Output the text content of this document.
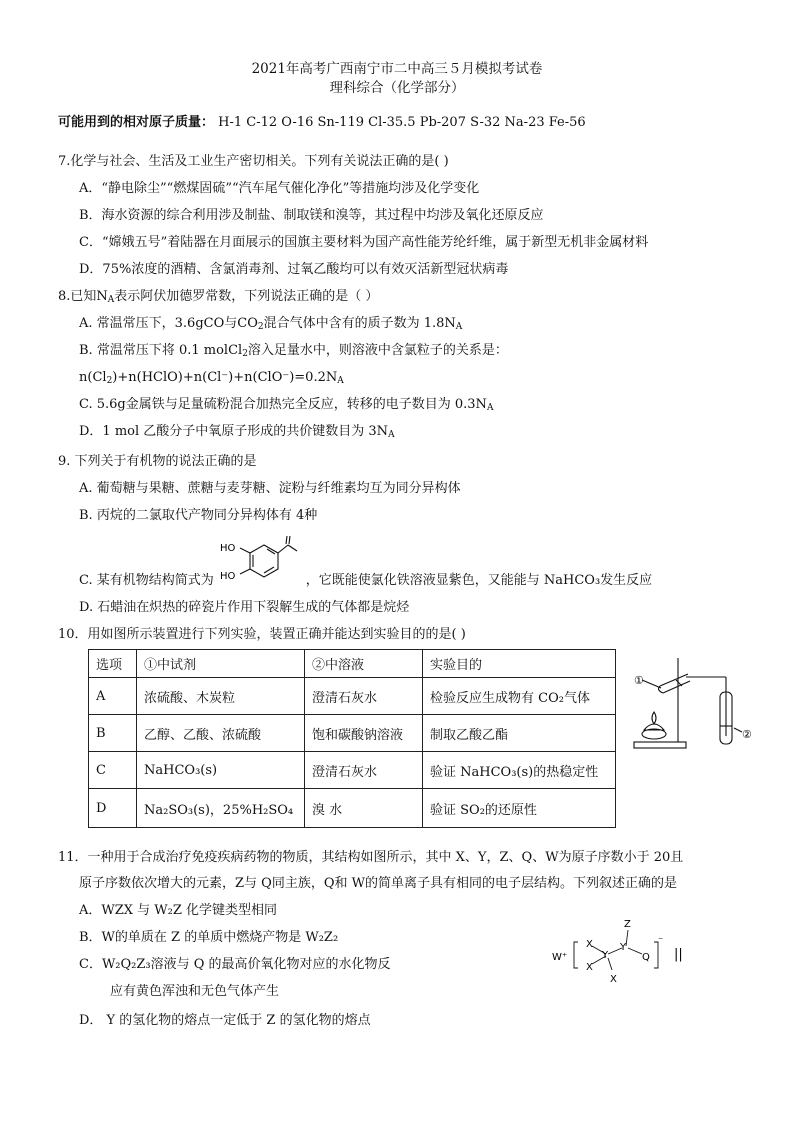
2021年高考广西南宁市二中高三５月模拟考试卷
理科综合（化学部分）
可能用到的相对原子质量： H-1 C-12 O-16 Sn-119 Cl-35.5 Pb-207 S-32 Na-23 Fe-56
7.化学与社会、生活及工业生产密切相关。下列有关说法正确的是( )
A．“静电除尘”“燃煤固硫”“汽车尾气催化净化”等措施均涉及化学变化
B．海水资源的综合利用涉及制盐、制取镁和溴等，其过程中均涉及氧化还原反应
C．“嫦娥五号”着陆器在月面展示的国旗主要材料为国产高性能芳纶纤维，属于新型无机非金属材料
D．75%浓度的酒精、含氯消毒剂、过氧乙酸均可以有效灭活新型冠状病毒
8.已知$N_A$表示阿伏加德罗常数，下列说法正确的是（ ）
A. 常温常压下，3.6gCO与$CO_2$混合气体中含有的质子数为 $1.8N_A$
B. 常温常压下将 0.1 molCl$_2$溶入足量水中，则溶液中含氯粒子的关系是：
$n(Cl_2)+n(HClO)+n(Cl^-)+n(ClO^-)=0.2N_A$
C. 5.6g金属铁与足量硫粉混合加热完全反应，转移的电子数目为 $0.3N_A$
D．1 mol 乙酸分子中氧原子形成的共价键数目为 $3N_A$
9. 下列关于有机物的说法正确的是
A. 葡萄糖与果糖、蔗糖与麦芽糖、淀粉与纤维素均互为同分异构体
B. 丙烷的二氯取代产物同分异构体有 4种
HO
HO
C. 某有机物结构简式为	，它既能使氯化铁溶液显紫色，又能能与 NaHCO₃发生反应
D. 石蜡油在炽热的碎瓷片作用下裂解生成的气体都是烷烃
10．用如图所示装置进行下列实验，装置正确并能达到实验目的的是( )
选项	①中试剂	②中溶液	实验目的
A	浓硫酸、木炭粒	澄清石灰水	检验反应生成物有 CO₂气体
B	乙醇、乙酸、浓硫酸	饱和碳酸钠溶液	制取乙酸乙酯
C	NaHCO₃(s)	澄清石灰水	验证 NaHCO₃(s)的热稳定性
D	Na₂SO₃(s)，25%H₂SO₄	溴 水	验证 SO₂的还原性
①
②
11．一种用于合成治疗免疫疾病药物的物质，其结构如图所示，其中 X、Y，Z、Q、W为原子序数小于 20且
原子序数依次增大的元素，Z与 Q同主族，Q和 W的简单离子具有相同的电子层结构。下列叙述正确的是
A．WZX 与 W₂Z 化学键类型相同
B．W的单质在 Z 的单质中燃烧产物是 W₂Z₂
C．W₂Q₂Z₃溶液与 Q 的最高价氧化物对应的水化物反
应有黄色浑浊和无色气体产生
D． Y 的氢化物的熔点一定低于 Z 的氢化物的熔点
W⁺
Z
X
X
X
Y
Y
Q
⁻
||
